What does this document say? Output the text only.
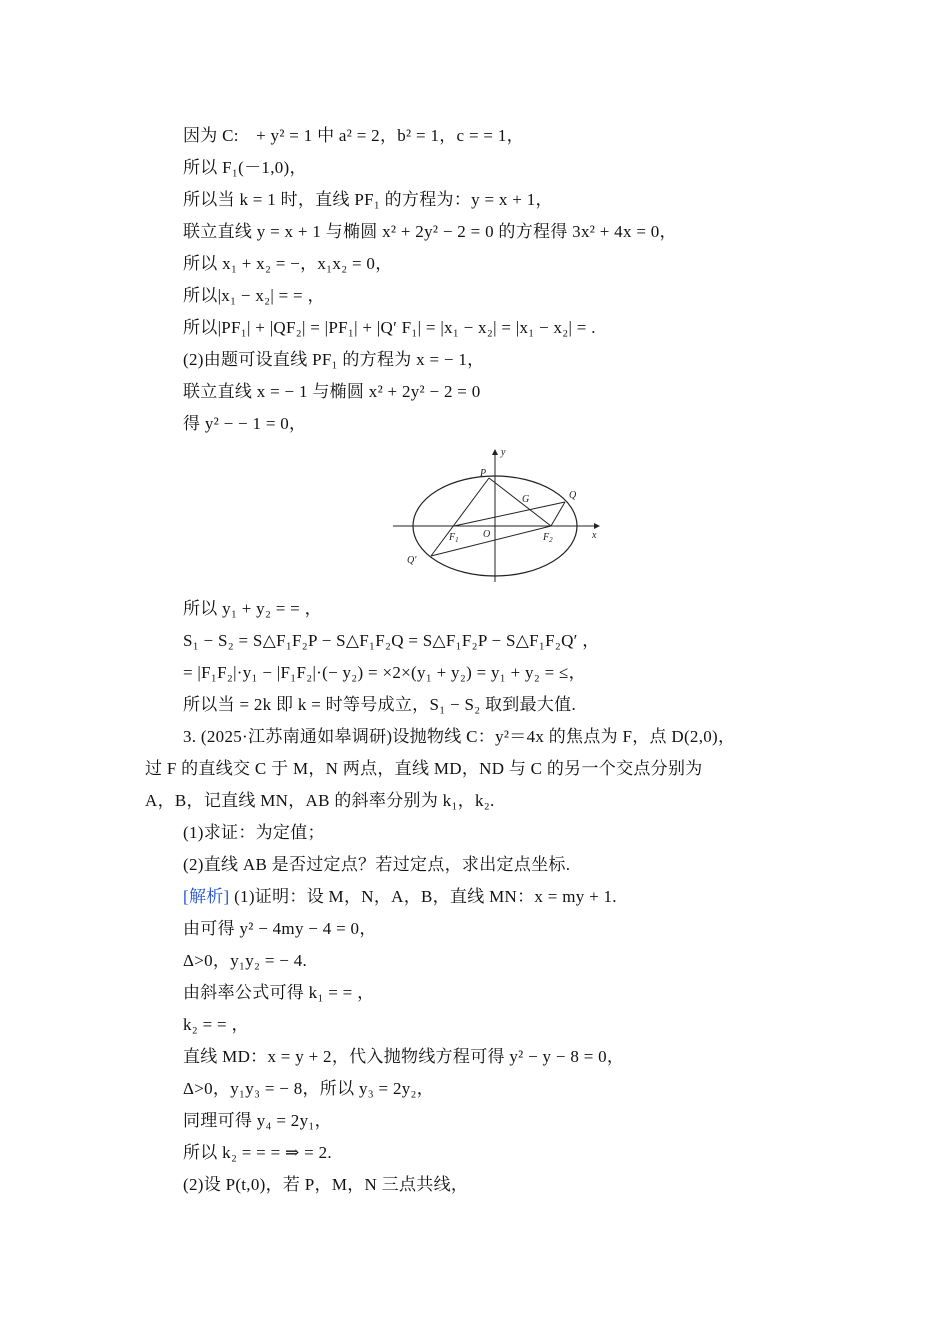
因为 C:　+ y² = 1 中 a² = 2，b² = 1，c = = 1，
所以 F₁(－1,0)，
所以当 k = 1 时，直线 PF₁ 的方程为：y = x + 1，
联立直线 y = x + 1 与椭圆 x² + 2y² − 2 = 0 的方程得 3x² + 4x = 0，
所以 x₁ + x₂ = −，x₁x₂ = 0，
所以|x₁ − x₂| = = ，
所以|PF₁| + |QF₂| = |PF₁| + |Q′ F₁| = |x₁ − x₂| = |x₁ − x₂| = .
(2)由题可设直线 PF₁ 的方程为 x = − 1，
联立直线 x = − 1 与椭圆 x² + 2y² − 2 = 0
得 y² − − 1 = 0，
y
x
P
G	Q
$F_1$ O	$F_2$
Q′
所以 y₁ + y₂ = = ，
S₁ − S₂ = S△F₁F₂P − S△F₁F₂Q = S△F₁F₂P − S△F₁F₂Q′ ，
= |F₁F₂|·y₁ − |F₁F₂|·(− y₂) = ×2×(y₁ + y₂) = y₁ + y₂ = ≤，
所以当 = 2k 即 k = 时等号成立，S₁ − S₂ 取到最大值.
3. (2025·江苏南通如皋调研)设抛物线 C：y²＝4x 的焦点为 F，点 D(2,0)，
过 F 的直线交 C 于 M，N 两点，直线 MD，ND 与 C 的另一个交点分别为
A，B，记直线 MN，AB 的斜率分别为 k₁，k₂.
(1)求证：为定值；
(2)直线 AB 是否过定点？若过定点，求出定点坐标.
[解析] (1)证明：设 M，N，A，B，直线 MN：x = my + 1.
由可得 y² − 4my − 4 = 0，
Δ>0，y₁y₂ = − 4.
由斜率公式可得 k₁ = = ，
k₂ = = ，
直线 MD：x = y + 2，代入抛物线方程可得 y² − y − 8 = 0，
Δ>0，y₁y₃ = − 8，所以 y₃ = 2y₂，
同理可得 y₄ = 2y₁，
所以 k₂ = = = ⇒ = 2.
(2)设 P(t,0)，若 P，M，N 三点共线，
